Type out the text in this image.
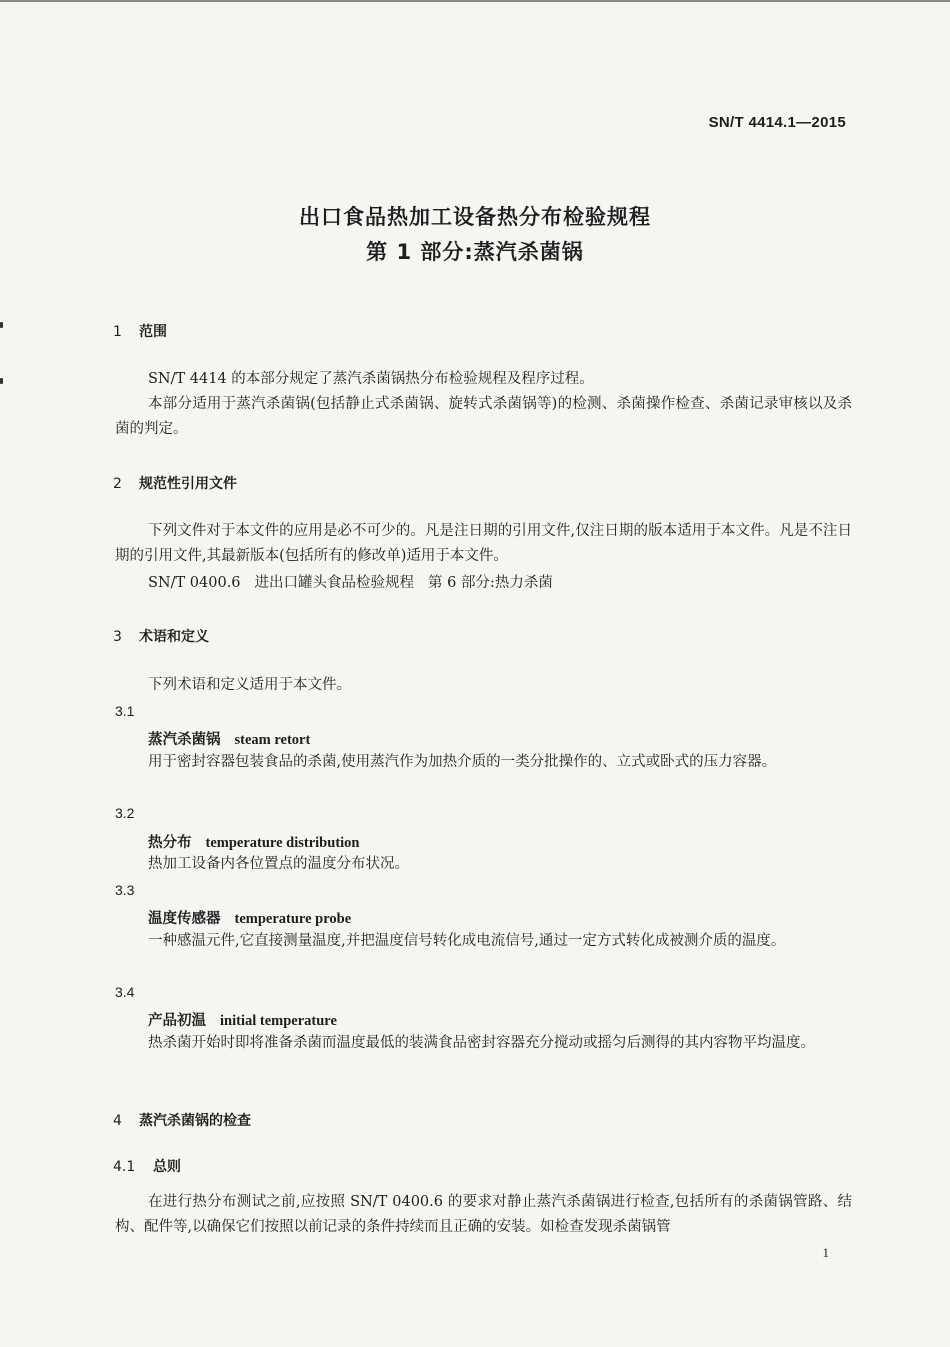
SN/T 4414.1—2015
出口食品热加工设备热分布检验规程
第 1 部分:蒸汽杀菌锅
1 范围
SN/T 4414 的本部分规定了蒸汽杀菌锅热分布检验规程及程序过程。
本部分适用于蒸汽杀菌锅(包括静止式杀菌锅、旋转式杀菌锅等)的检测、杀菌操作检查、杀菌记录审核以及杀菌的判定。
2 规范性引用文件
下列文件对于本文件的应用是必不可少的。凡是注日期的引用文件,仅注日期的版本适用于本文件。凡是不注日期的引用文件,其最新版本(包括所有的修改单)适用于本文件。
SN/T 0400.6 进出口罐头食品检验规程 第 6 部分:热力杀菌
3 术语和定义
下列术语和定义适用于本文件。
3.1
蒸汽杀菌锅 steam retort
用于密封容器包装食品的杀菌,使用蒸汽作为加热介质的一类分批操作的、立式或卧式的压力容器。
3.2
热分布 temperature distribution
热加工设备内各位置点的温度分布状况。
3.3
温度传感器 temperature probe
一种感温元件,它直接测量温度,并把温度信号转化成电流信号,通过一定方式转化成被测介质的温度。
3.4
产品初温 initial temperature
热杀菌开始时即将准备杀菌而温度最低的装满食品密封容器充分搅动或摇匀后测得的其内容物平均温度。
4 蒸汽杀菌锅的检查
4.1 总则
在进行热分布测试之前,应按照 SN/T 0400.6 的要求对静止蒸汽杀菌锅进行检查,包括所有的杀菌锅管路、结构、配件等,以确保它们按照以前记录的条件持续而且正确的安装。如检查发现杀菌锅管
1
